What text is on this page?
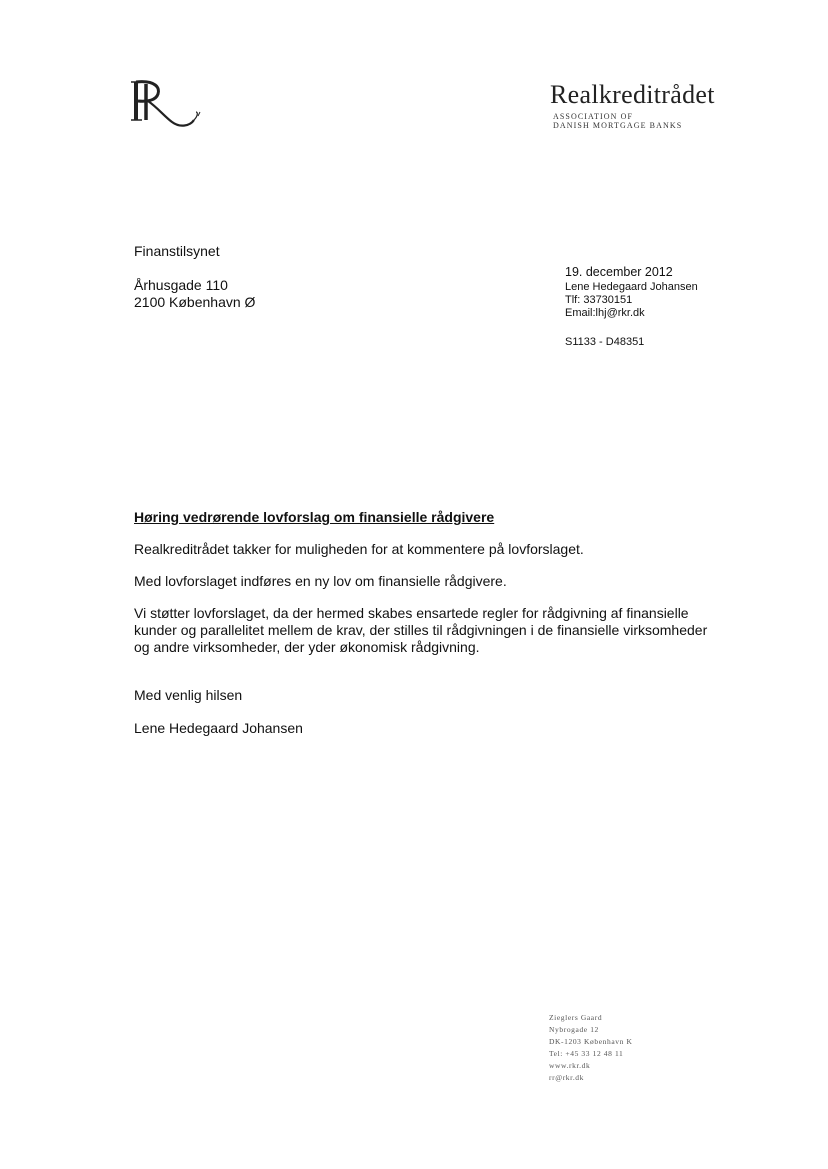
Realkreditrådet
ASSOCIATION OF
DANISH MORTGAGE BANKS
Finanstilsynet
Århusgade 110
2100 København Ø
19. december 2012
Lene Hedegaard Johansen
Tlf: 33730151
Email:lhj@rkr.dk
S1133 - D48351
Høring vedrørende lovforslag om finansielle rådgivere
Realkreditrådet takker for muligheden for at kommentere på lovforslaget.
Med lovforslaget indføres en ny lov om finansielle rådgivere.
Vi støtter lovforslaget, da der hermed skabes ensartede regler for rådgivning af finansielle
kunder og parallelitet mellem de krav, der stilles til rådgivningen i de finansielle virksomheder
og andre virksomheder, der yder økonomisk rådgivning.
Med venlig hilsen
Lene Hedegaard Johansen
Zieglers Gaard
Nybrogade 12
DK-1203 København K
Tel: +45 33 12 48 11
www.rkr.dk
rr@rkr.dk
